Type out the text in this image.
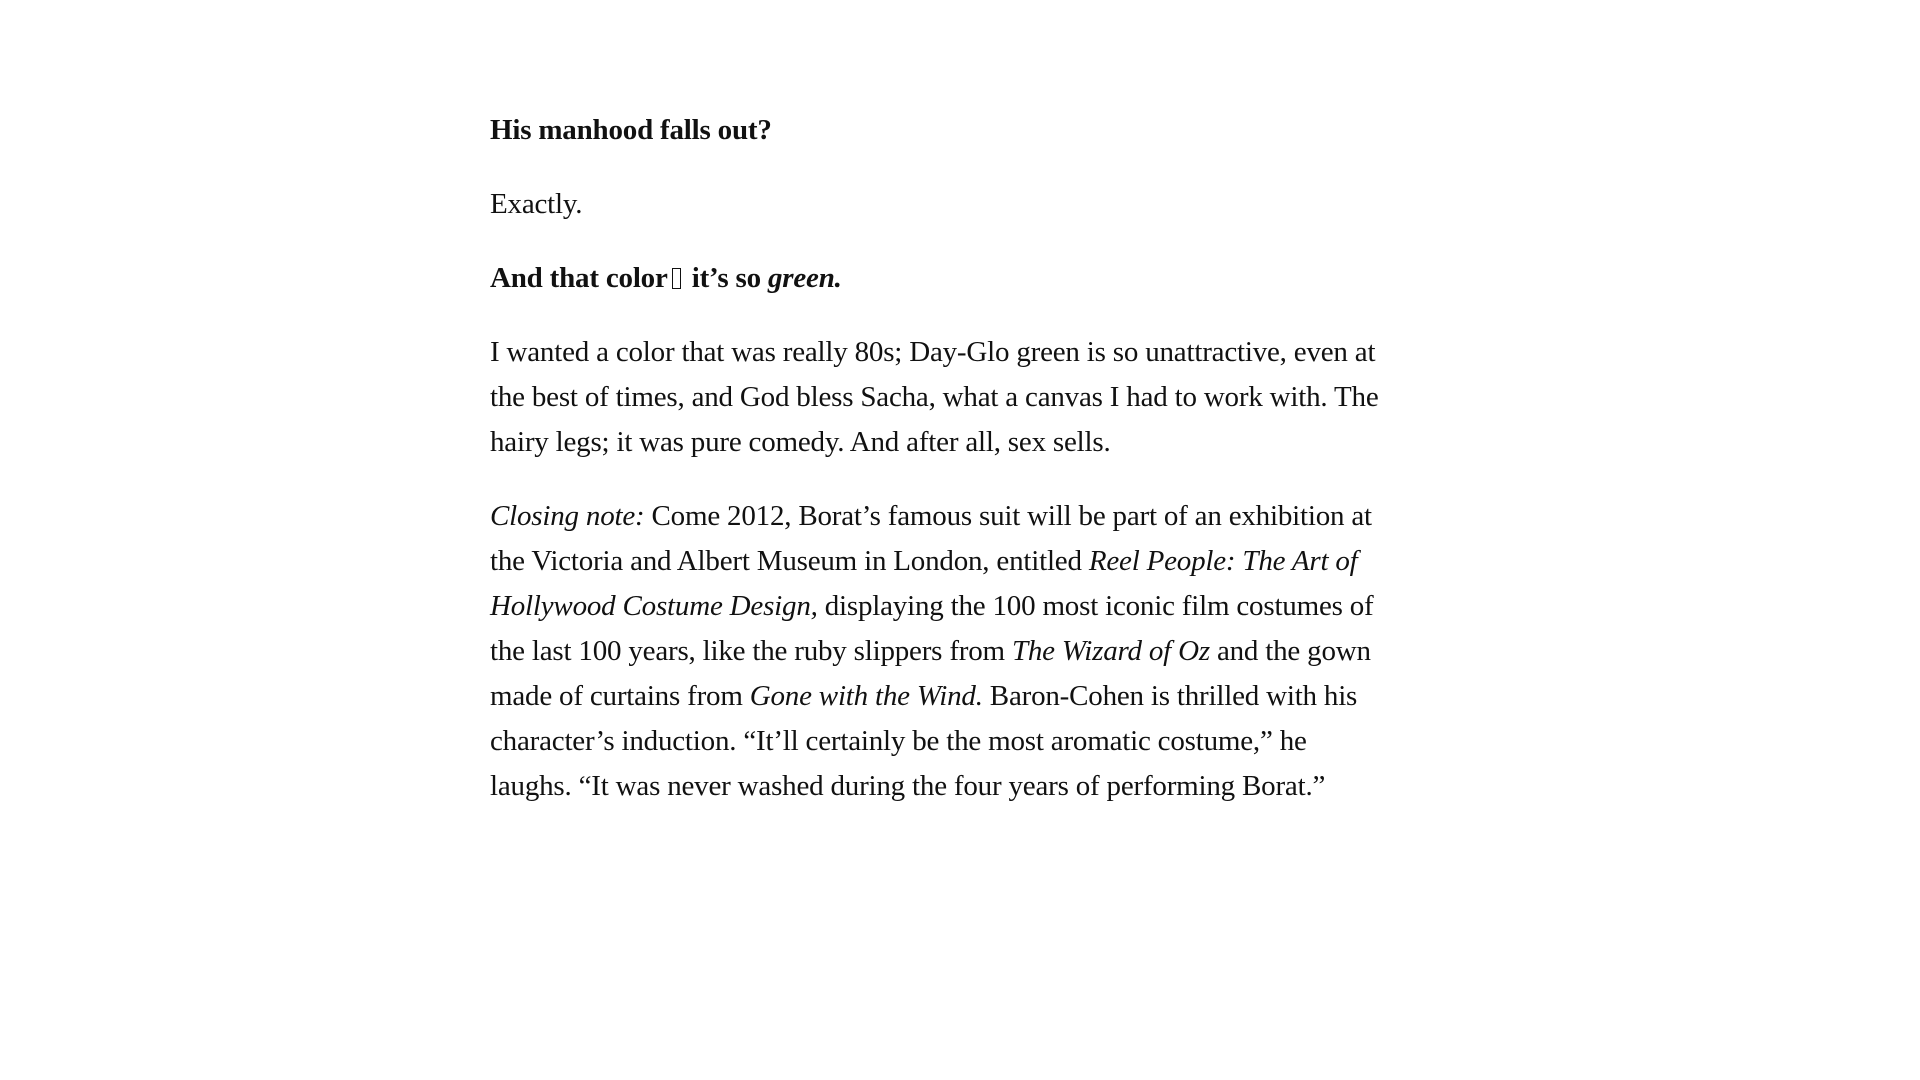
His manhood falls out?

Exactly.

And that color it’s so green.

I wanted a color that was really 80s; Day-Glo green is so unattractive, even at the best of times, and God bless Sacha, what a canvas I had to work with. The hairy legs; it was pure comedy. And after all, sex sells.

Closing note: Come 2012, Borat’s famous suit will be part of an exhibition at the Victoria and Albert Museum in London, entitled Reel People: The Art of Hollywood Costume Design, displaying the 100 most iconic film costumes of the last 100 years, like the ruby slippers from The Wizard of Oz and the gown made of curtains from Gone with the Wind. Baron-Cohen is thrilled with his character’s induction. “It’ll certainly be the most aromatic costume,” he laughs. “It was never washed during the four years of performing Borat.”
